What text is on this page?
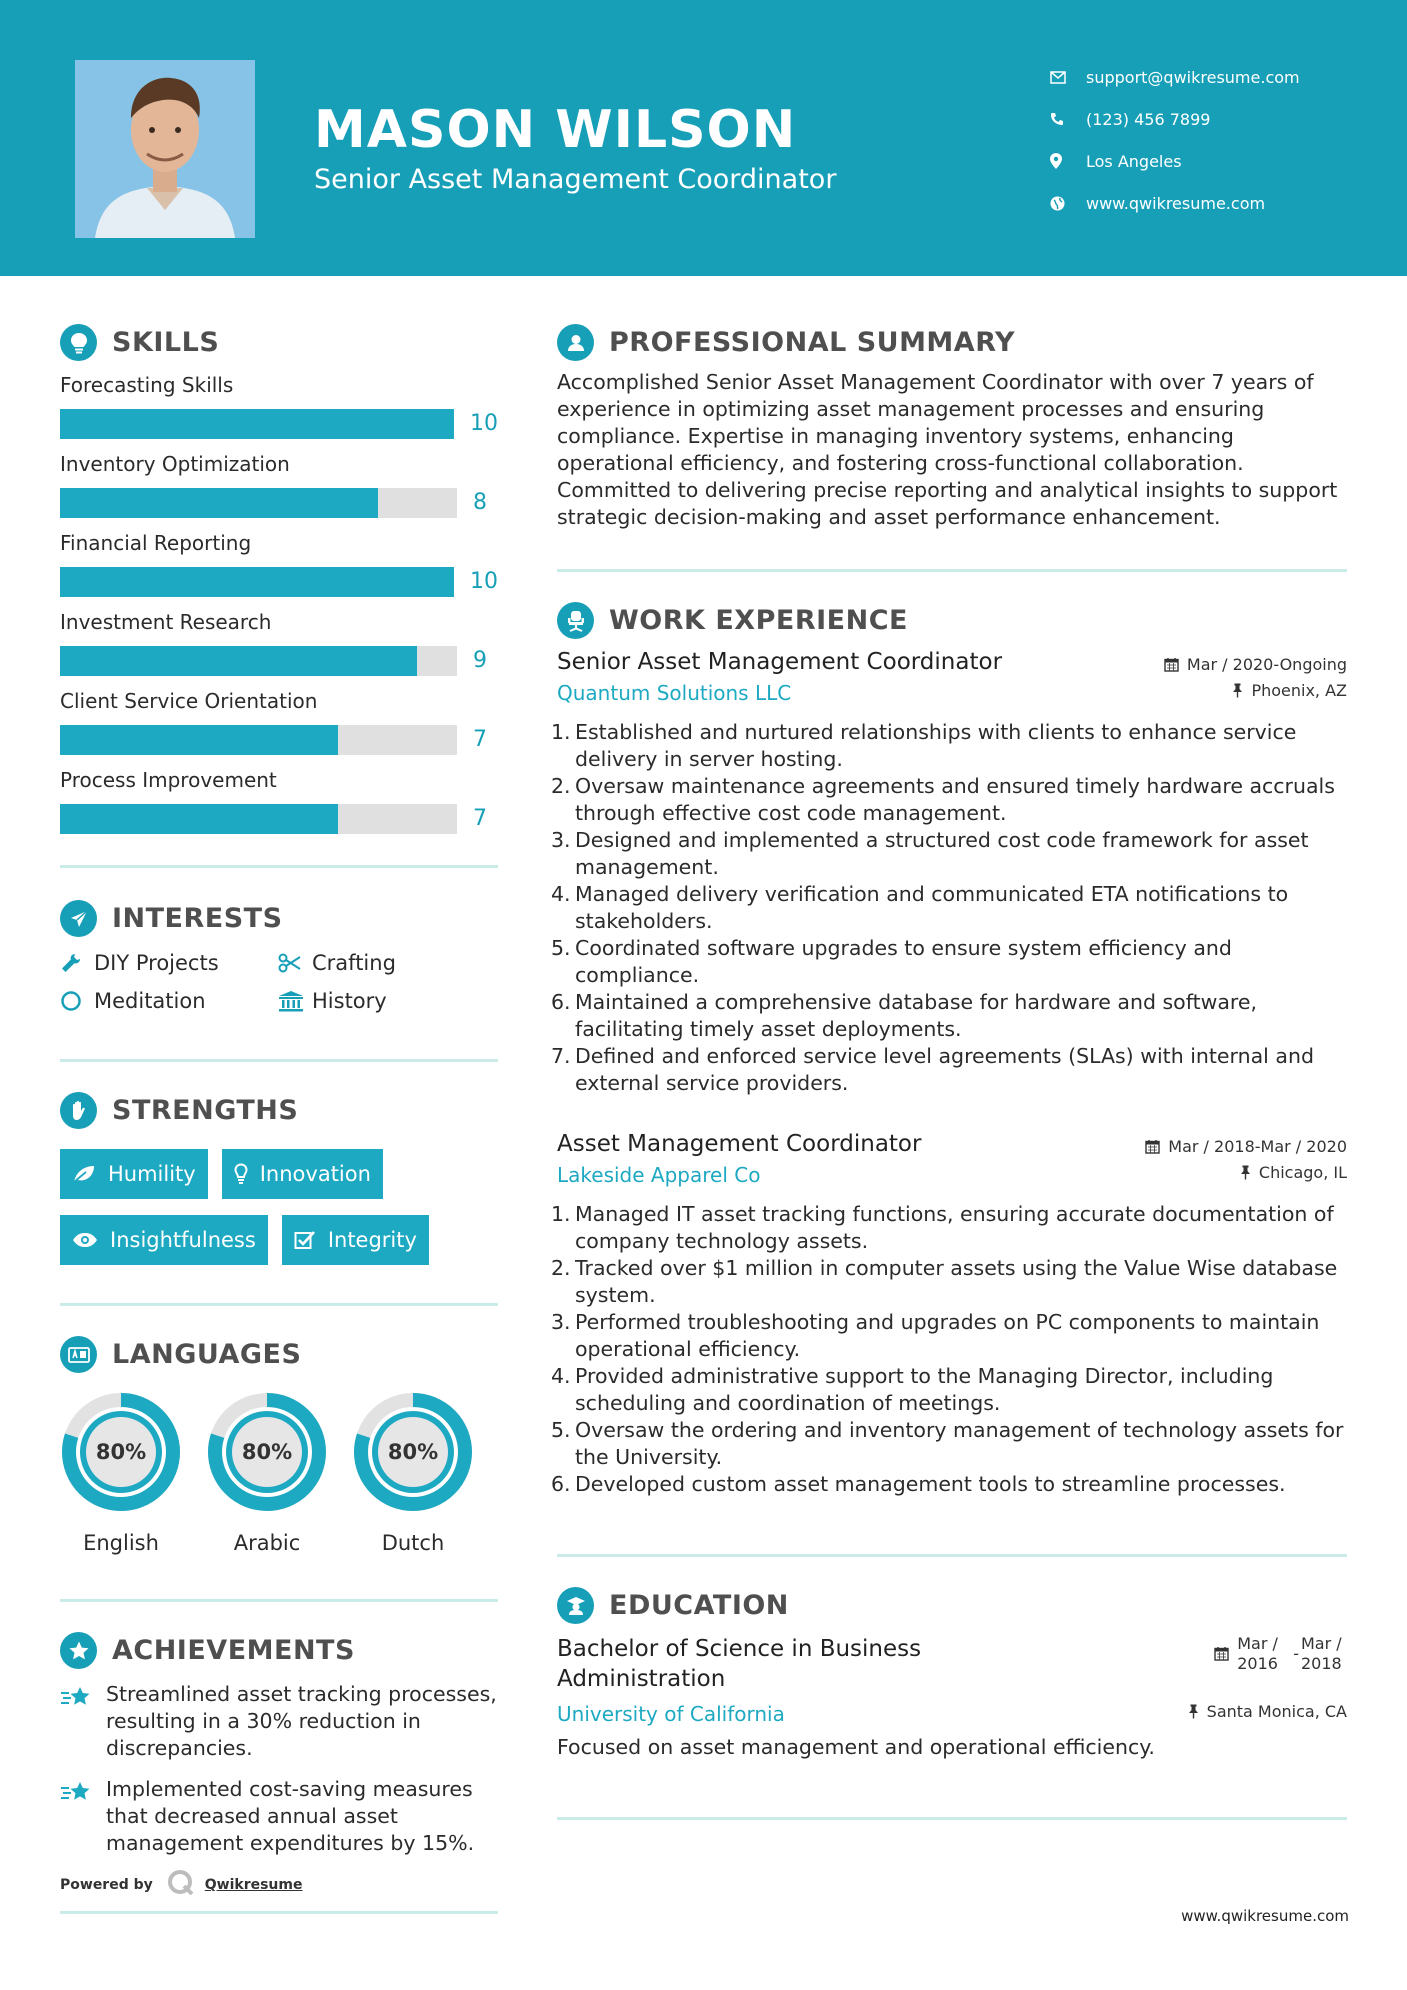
MASON WILSON
Senior Asset Management Coordinator
support@qwikresume.com
(123) 456 7899
Los Angeles
www.qwikresume.com
SKILLS
Forecasting Skills
10
Inventory Optimization
8
Financial Reporting
10
Investment Research
9
Client Service Orientation
7
Process Improvement
7
INTERESTS
DIY Projects	Crafting
Meditation	History
STRENGTHS
Humility	Innovation
Insightfulness	Integrity
LANGUAGES
80%
English
80%
Arabic
80%
Dutch
ACHIEVEMENTS
Streamlined asset tracking processes, resulting in a 30% reduction in discrepancies.
Implemented cost-saving measures that decreased annual asset management expenditures by 15%.
Powered by	Qwikresume
PROFESSIONAL SUMMARY

Accomplished Senior Asset Management Coordinator with over 7 years of experience in optimizing asset management processes and ensuring compliance. Expertise in managing inventory systems, enhancing operational efficiency, and fostering cross-functional collaboration. Committed to delivering precise reporting and analytical insights to support strategic decision-making and asset performance enhancement.

WORK EXPERIENCE
Senior Asset Management Coordinator	Mar / 2020-Ongoing
Quantum Solutions LLC	Phoenix, AZ
1. Established and nurtured relationships with clients to enhance service delivery in server hosting.
2. Oversaw maintenance agreements and ensured timely hardware accruals through effective cost code management.
3. Designed and implemented a structured cost code framework for asset management.
4. Managed delivery verification and communicated ETA notifications to stakeholders.
5. Coordinated software upgrades to ensure system efficiency and compliance.
6. Maintained a comprehensive database for hardware and software, facilitating timely asset deployments.
7. Defined and enforced service level agreements (SLAs) with internal and external service providers.
Asset Management Coordinator	Mar / 2018-Mar / 2020
Lakeside Apparel Co	Chicago, IL
1. Managed IT asset tracking functions, ensuring accurate documentation of company technology assets.
2. Tracked over $1 million in computer assets using the Value Wise database system.
3. Performed troubleshooting and upgrades on PC components to maintain operational efficiency.
4. Provided administrative support to the Managing Director, including scheduling and coordination of meetings.
5. Oversaw the ordering and inventory management of technology assets for the University.
6. Developed custom asset management tools to streamline processes.
EDUCATION
Bachelor of Science in Business Administration
Mar / 2016
-
Mar / 2018
University of California	Santa Monica, CA

Focused on asset management and operational efficiency.

www.qwikresume.com
